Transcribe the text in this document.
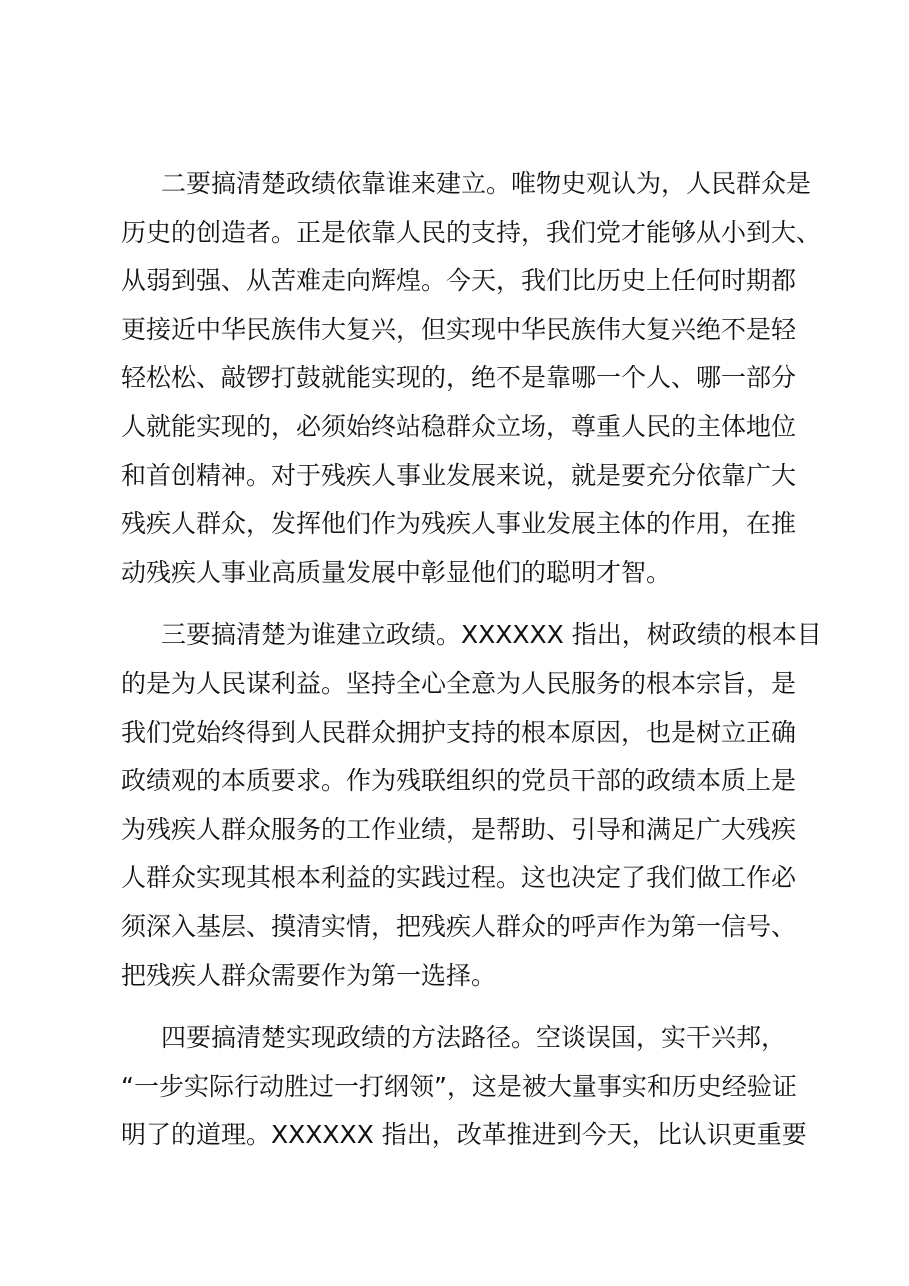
二要搞清楚政绩依靠谁来建立。唯物史观认为，人民群众是
历史的创造者。正是依靠人民的支持，我们党才能够从小到大、
从弱到强、从苦难走向辉煌。今天，我们比历史上任何时期都
更接近中华民族伟大复兴，但实现中华民族伟大复兴绝不是轻
轻松松、敲锣打鼓就能实现的，绝不是靠哪一个人、哪一部分
人就能实现的，必须始终站稳群众立场，尊重人民的主体地位
和首创精神。对于残疾人事业发展来说，就是要充分依靠广大
残疾人群众，发挥他们作为残疾人事业发展主体的作用，在推
动残疾人事业高质量发展中彰显他们的聪明才智。
三要搞清楚为谁建立政绩。XXXXXX 指出，树政绩的根本目
的是为人民谋利益。坚持全心全意为人民服务的根本宗旨，是
我们党始终得到人民群众拥护支持的根本原因，也是树立正确
政绩观的本质要求。作为残联组织的党员干部的政绩本质上是
为残疾人群众服务的工作业绩，是帮助、引导和满足广大残疾
人群众实现其根本利益的实践过程。这也决定了我们做工作必
须深入基层、摸清实情，把残疾人群众的呼声作为第一信号、
把残疾人群众需要作为第一选择。
四要搞清楚实现政绩的方法路径。空谈误国，实干兴邦，
“一步实际行动胜过一打纲领”，这是被大量事实和历史经验证
明了的道理。XXXXXX 指出，改革推进到今天，比认识更重要
